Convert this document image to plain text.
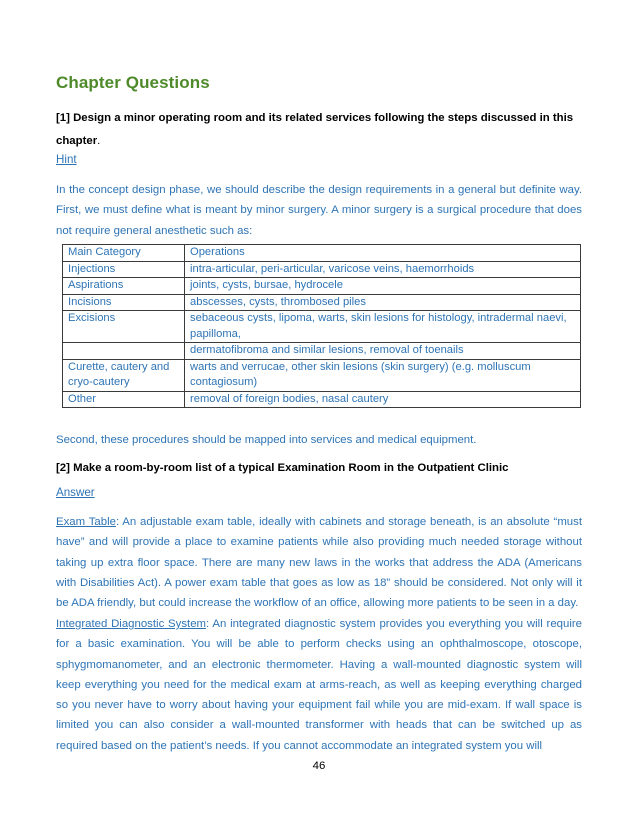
Chapter Questions
[1] Design a minor operating room and its related services following the steps discussed in this
chapter.
Hint
In the concept design phase, we should describe the design requirements in a general but definite way. First, we must define what is meant by minor surgery. A minor surgery is a surgical procedure that does not require general anesthetic such as:
Main Category	Operations
Injections	intra-articular, peri-articular, varicose veins, haemorrhoids
Aspirations	joints, cysts, bursae, hydrocele
Incisions	abscesses, cysts, thrombosed piles
Excisions	sebaceous cysts, lipoma, warts, skin lesions for histology, intradermal naevi, papilloma,
	dermatofibroma and similar lesions, removal of toenails
Curette, cautery and cryo-cautery	warts and verrucae, other skin lesions (skin surgery) (e.g. molluscum contagiosum)
Other	removal of foreign bodies, nasal cautery
Second, these procedures should be mapped into services and medical equipment.
[2] Make a room-by-room list of a typical Examination Room in the Outpatient Clinic
Answer
Exam Table: An adjustable exam table, ideally with cabinets and storage beneath, is an absolute “must have” and will provide a place to examine patients while also providing much needed storage without taking up extra floor space. There are many new laws in the works that address the ADA (Americans with Disabilities Act). A power exam table that goes as low as 18” should be considered. Not only will it be ADA friendly, but could increase the workflow of an office, allowing more patients to be seen in a day.
Integrated Diagnostic System: An integrated diagnostic system provides you everything you will require for a basic examination. You will be able to perform checks using an ophthalmoscope, otoscope, sphygmomanometer, and an electronic thermometer. Having a wall-mounted diagnostic system will keep everything you need for the medical exam at arms-reach, as well as keeping everything charged so you never have to worry about having your equipment fail while you are mid-exam. If wall space is limited you can also consider a wall-mounted transformer with heads that can be switched up as required based on the patient’s needs. If you cannot accommodate an integrated system you will
46
